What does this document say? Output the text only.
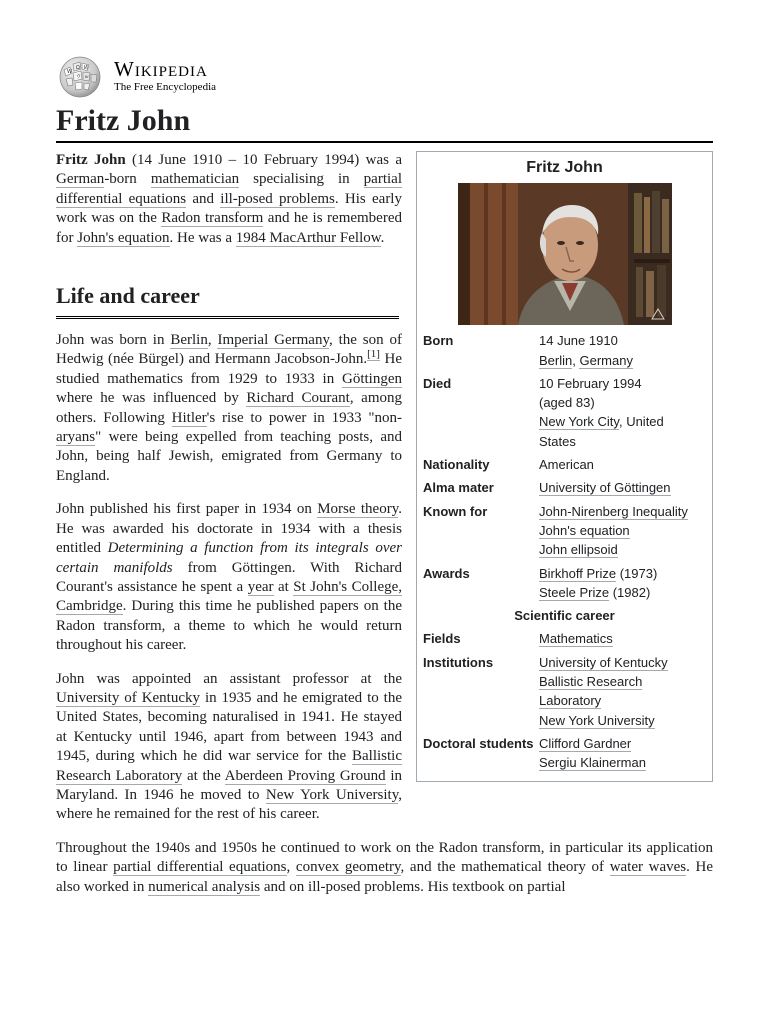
W
Ω И
ウ ש Wikipedia
The Free Encyclopedia
Fritz John
Fritz John
Born	14 June 1910
Berlin, Germany

Died	10 February 1994
(aged 83)
New York City, United
States

Nationality	American

Alma mater	University of Göttingen

Known for	John-Nirenberg Inequality
John's equation
John ellipsoid

Awards	Birkhoff Prize (1973)
Steele Prize (1982)

Scientific career	
Fields	Mathematics

Institutions	University of Kentucky
Ballistic Research
Laboratory
New York University

Doctoral students	Clifford Gardner
Sergiu Klainerman

Fritz John (14 June 1910 – 10 February 1994) was a German-born mathematician specialising in partial differential equations and ill-posed problems. His early work was on the Radon transform and he is remembered for John's equation. He was a 1984 MacArthur Fellow.

Life and career

John was born in Berlin, Imperial Germany, the son of Hedwig (née Bürgel) and Hermann Jacobson-John.[1] He studied mathematics from 1929 to 1933 in Göttingen where he was influenced by Richard Courant, among others. Following Hitler's rise to power in 1933 "non-aryans" were being expelled from teaching posts, and John, being half Jewish, emigrated from Germany to England.

John published his first paper in 1934 on Morse theory. He was awarded his doctorate in 1934 with a thesis entitled Determining a function from its integrals over certain manifolds from Göttingen. With Richard Courant's assistance he spent a year at St John's College, Cambridge. During this time he published papers on the Radon transform, a theme to which he would return throughout his career.

John was appointed an assistant professor at the University of Kentucky in 1935 and he emigrated to the United States, becoming naturalised in 1941. He stayed at Kentucky until 1946, apart from between 1943 and 1945, during which he did war service for the Ballistic Research Laboratory at the Aberdeen Proving Ground in Maryland. In 1946 he moved to New York University, where he remained for the rest of his career.

Throughout the 1940s and 1950s he continued to work on the Radon transform, in particular its application to linear partial differential equations, convex geometry, and the mathematical theory of water waves. He also worked in numerical analysis and on ill-posed problems. His textbook on partial
